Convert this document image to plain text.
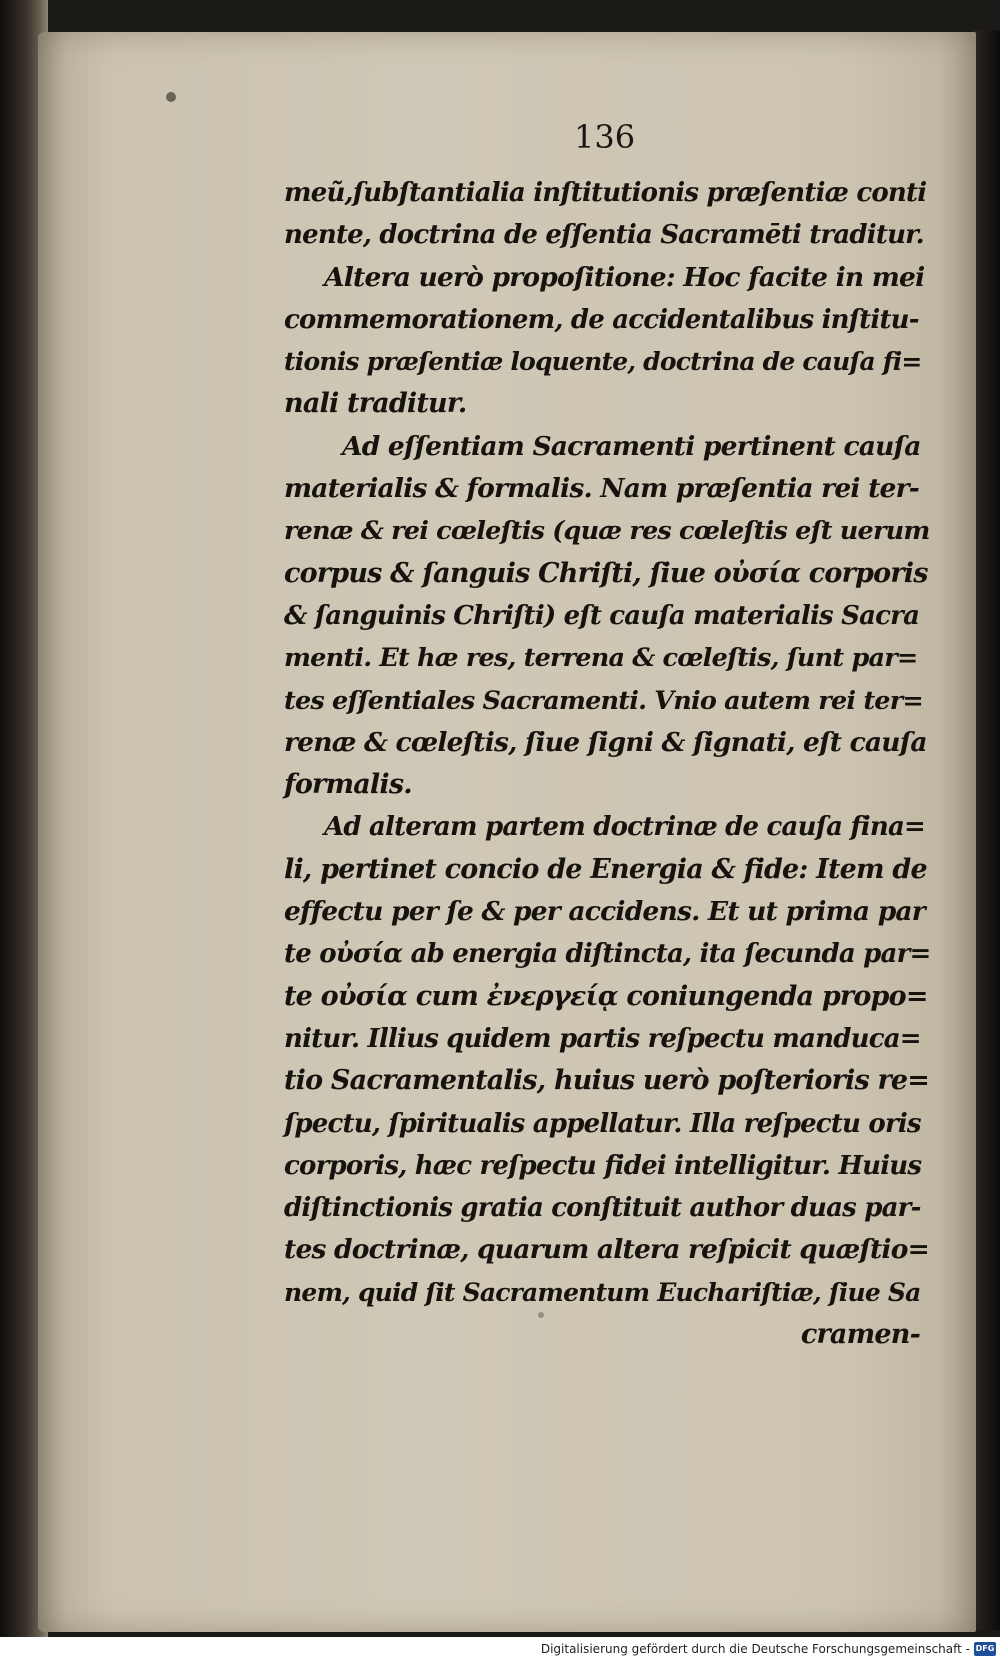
136
meũ,ſubſtantialia inſtitutionis præſentiæ conti
nente, doctrina de eſſentia Sacramēti traditur.
Altera uerò propoſitione: Hoc facite in mei
commemorationem, de accidentalibus inſtitu-
tionis præſentiæ loquente, doctrina de cauſa fi=
nali traditur.
Ad eſſentiam Sacramenti pertinent cauſa
materialis & formalis. Nam præſentia rei ter-
renæ & rei cœleſtis (quæ res cœleſtis eſt uerum
corpus & ſanguis Chriſti, ſiue οὐσία corporis
& ſanguinis Chriſti) eſt cauſa materialis Sacra
menti. Et hæ res, terrena & cœleſtis, ſunt par=
tes eſſentiales Sacramenti. Vnio autem rei ter=
renæ & cœleſtis, ſiue ſigni & ſignati, eſt cauſa
formalis.
Ad alteram partem doctrinæ de cauſa fina=
li, pertinet concio de Energia & fide: Item de
effectu per ſe & per accidens. Et ut prima par
te οὐσία ab energia diſtincta, ita ſecunda par=
te οὐσία cum ἐνεργείᾳ coniungenda propo=
nitur. Illius quidem partis reſpectu manduca=
tio Sacramentalis, huius uerò poſterioris re=
ſpectu, ſpiritualis appellatur. Illa reſpectu oris
corporis, hæc reſpectu fidei intelligitur. Huius
diſtinctionis gratia conſtituit author duas par-
tes doctrinæ, quarum altera reſpicit quæſtio=
nem, quid ſit Sacramentum Euchariſtiæ, ſiue Sa
cramen-
Digitalisierung gefördert durch die Deutsche Forschungsgemeinschaft - DFG
